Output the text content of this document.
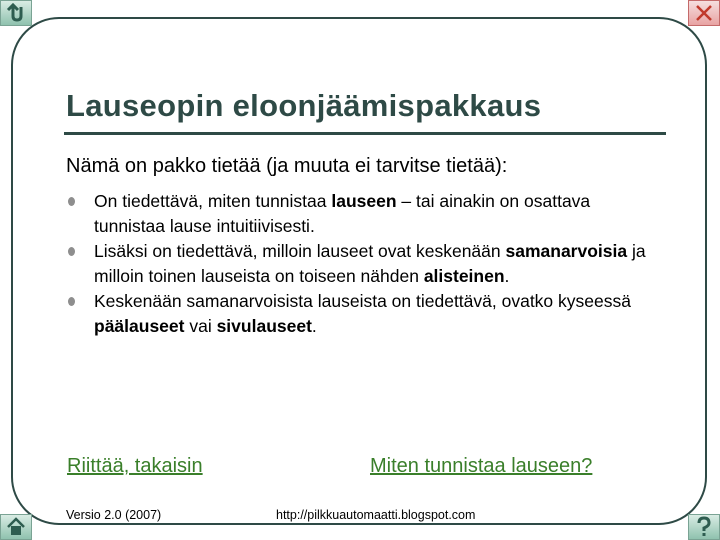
Lauseopin eloonjäämispakkaus

Nämä on pakko tietää (ja muuta ei tarvitse tietää):

On tiedettävä, miten tunnistaa lauseen – tai ainakin on osattava tunnistaa lause intuitiivisesti.
Lisäksi on tiedettävä, milloin lauseet ovat keskenään samanarvoisia ja milloin toinen lauseista on toiseen nähden alisteinen.
Keskenään samanarvoisista lauseista on tiedettävä, ovatko kyseessä päälauseet vai sivulauseet.
Riittää, takaisin	Miten tunnistaa lauseen?
Versio 2.0 (2007)	http://pilkkuautomaatti.blogspot.com
